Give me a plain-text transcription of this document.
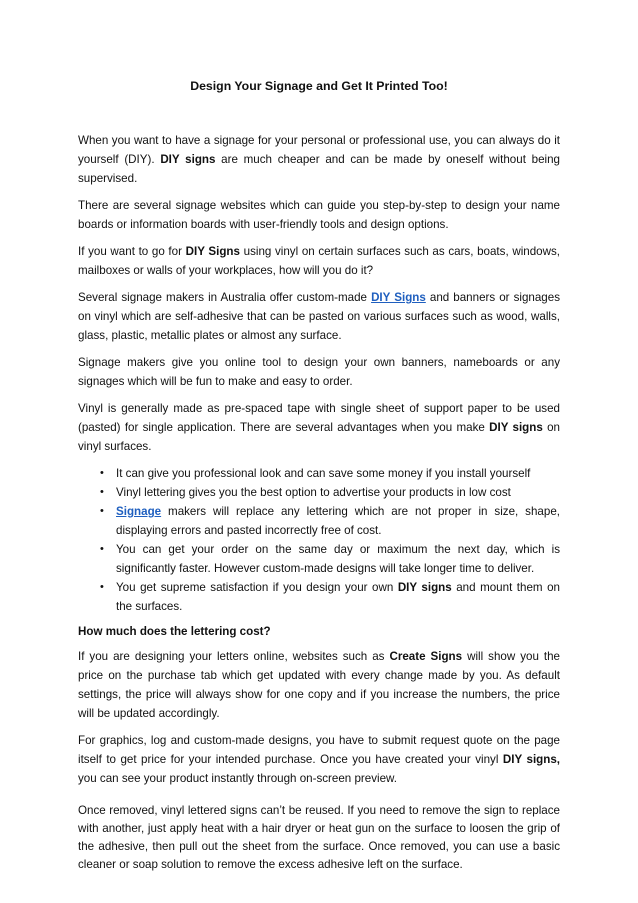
Design Your Signage and Get It Printed Too!

When you want to have a signage for your personal or professional use, you can always do it yourself (DIY). DIY signs are much cheaper and can be made by oneself without being supervised.

There are several signage websites which can guide you step-by-step to design your name boards or information boards with user-friendly tools and design options.

If you want to go for DIY Signs using vinyl on certain surfaces such as cars, boats, windows, mailboxes or walls of your workplaces, how will you do it?

Several signage makers in Australia offer custom-made DIY Signs and banners or signages on vinyl which are self-adhesive that can be pasted on various surfaces such as wood, walls, glass, plastic, metallic plates or almost any surface.

Signage makers give you online tool to design your own banners, nameboards or any signages which will be fun to make and easy to order.

Vinyl is generally made as pre-spaced tape with single sheet of support paper to be used (pasted) for single application. There are several advantages when you make DIY signs on vinyl surfaces.

• It can give you professional look and can save some money if you install yourself
• Vinyl lettering gives you the best option to advertise your products in low cost
• Signage makers will replace any lettering which are not proper in size, shape, displaying errors and pasted incorrectly free of cost.
• You can get your order on the same day or maximum the next day, which is significantly faster. However custom-made designs will take longer time to deliver.
• You get supreme satisfaction if you design your own DIY signs and mount them on the surfaces.

How much does the lettering cost?

If you are designing your letters online, websites such as Create Signs will show you the price on the purchase tab which get updated with every change made by you. As default settings, the price will always show for one copy and if you increase the numbers, the price will be updated accordingly.

For graphics, log and custom-made designs, you have to submit request quote on the page itself to get price for your intended purchase. Once you have created your vinyl DIY signs, you can see your product instantly through on-screen preview.

Once removed, vinyl lettered signs can’t be reused. If you need to remove the sign to replace with another, just apply heat with a hair dryer or heat gun on the surface to loosen the grip of the adhesive, then pull out the sheet from the surface. Once removed, you can use a basic cleaner or soap solution to remove the excess adhesive left on the surface.
